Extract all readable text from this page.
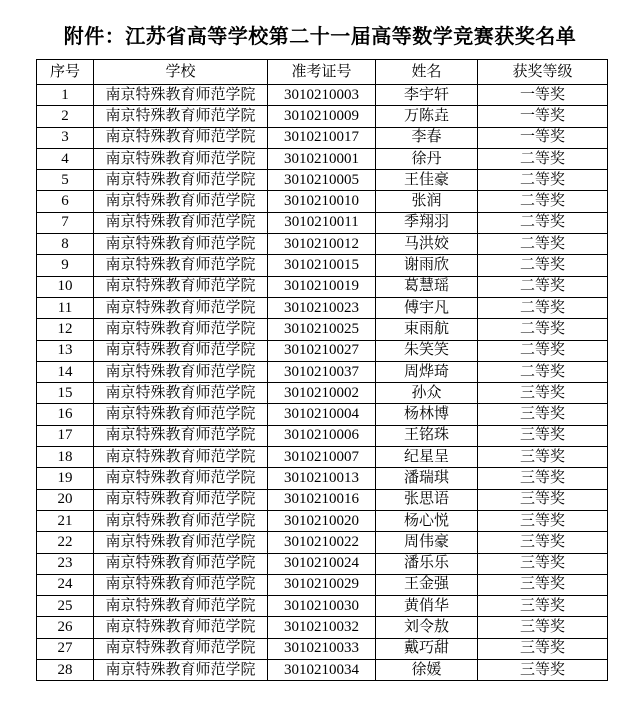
附件：江苏省高等学校第二十一届高等数学竞赛获奖名单
序号	学校	准考证号	姓名	获奖等级
1	南京特殊教育师范学院	3010210003	李宇轩	一等奖
2	南京特殊教育师范学院	3010210009	万陈垚	一等奖
3	南京特殊教育师范学院	3010210017	李春	一等奖
4	南京特殊教育师范学院	3010210001	徐丹	二等奖
5	南京特殊教育师范学院	3010210005	王佳豪	二等奖
6	南京特殊教育师范学院	3010210010	张润	二等奖
7	南京特殊教育师范学院	3010210011	季翔羽	二等奖
8	南京特殊教育师范学院	3010210012	马洪姣	二等奖
9	南京特殊教育师范学院	3010210015	谢雨欣	二等奖
10	南京特殊教育师范学院	3010210019	葛慧瑶	二等奖
11	南京特殊教育师范学院	3010210023	傅宇凡	二等奖
12	南京特殊教育师范学院	3010210025	束雨航	二等奖
13	南京特殊教育师范学院	3010210027	朱笑笑	二等奖
14	南京特殊教育师范学院	3010210037	周烨琦	二等奖
15	南京特殊教育师范学院	3010210002	孙众	三等奖
16	南京特殊教育师范学院	3010210004	杨林博	三等奖
17	南京特殊教育师范学院	3010210006	王铭珠	三等奖
18	南京特殊教育师范学院	3010210007	纪星呈	三等奖
19	南京特殊教育师范学院	3010210013	潘瑞琪	三等奖
20	南京特殊教育师范学院	3010210016	张思语	三等奖
21	南京特殊教育师范学院	3010210020	杨心悦	三等奖
22	南京特殊教育师范学院	3010210022	周伟豪	三等奖
23	南京特殊教育师范学院	3010210024	潘乐乐	三等奖
24	南京特殊教育师范学院	3010210029	王金强	三等奖
25	南京特殊教育师范学院	3010210030	黄俏华	三等奖
26	南京特殊教育师范学院	3010210032	刘令敖	三等奖
27	南京特殊教育师范学院	3010210033	戴巧甜	三等奖
28	南京特殊教育师范学院	3010210034	徐媛	三等奖
